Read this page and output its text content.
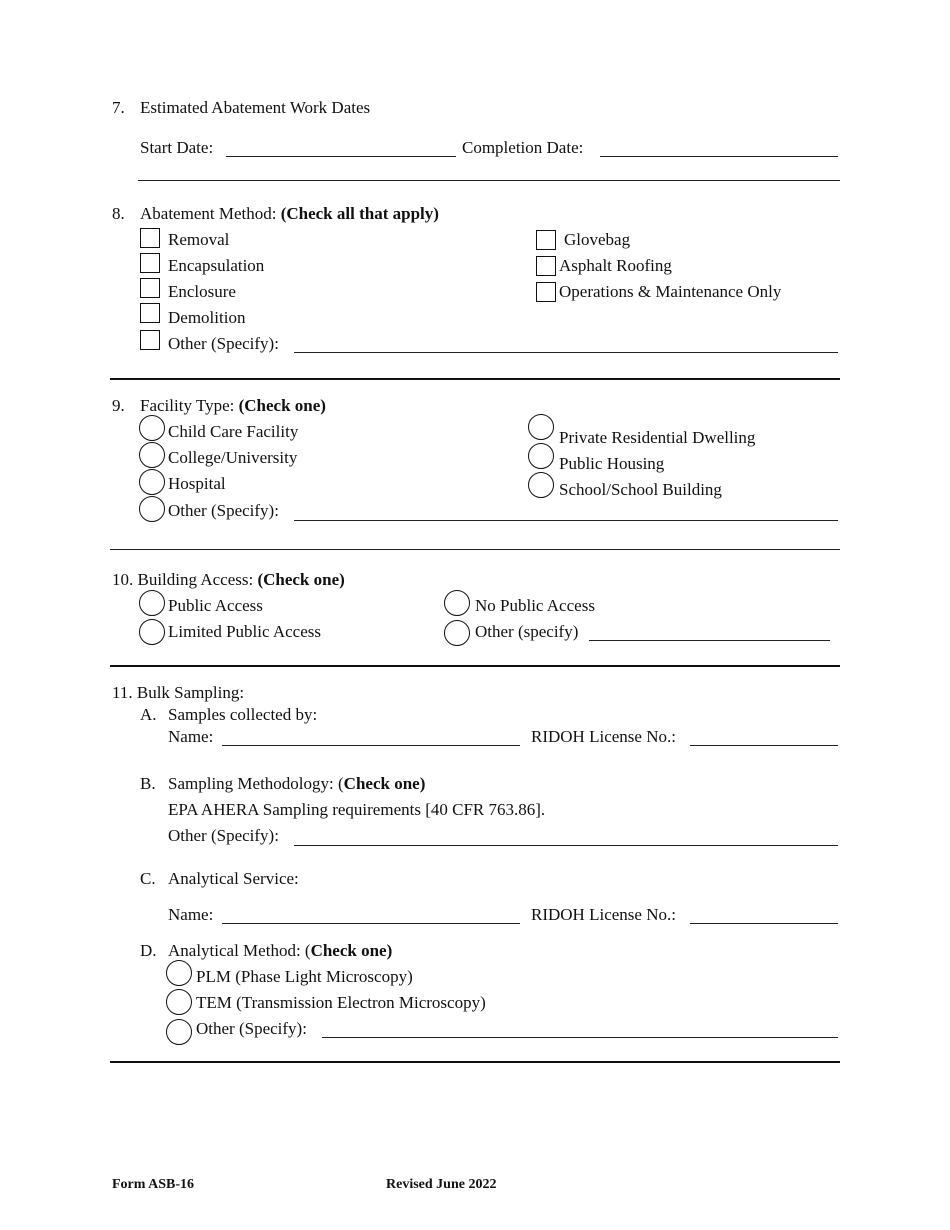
7. Estimated Abatement Work Dates
Start Date:	Completion Date:
8. Abatement Method: (Check all that apply)
Removal
Encapsulation
Enclosure
Demolition
Other (Specify):
Glovebag
Asphalt Roofing
Operations & Maintenance Only
9. Facility Type: (Check one)
Child Care Facility
College/University
Hospital
Other (Specify):
Private Residential Dwelling
Public Housing
School/School Building
10. Building Access: (Check one)
Public Access
Limited Public Access
No Public Access
Other (specify)
11. Bulk Sampling:
A. Samples collected by:
Name:	RIDOH License No.:
B. Sampling Methodology: (Check one)
EPA AHERA Sampling requirements [40 CFR 763.86].
Other (Specify):
C. Analytical Service:
Name:	RIDOH License No.:
D. Analytical Method: (Check one)
PLM (Phase Light Microscopy)
TEM (Transmission Electron Microscopy)
Other (Specify):
Form ASB-16	Revised June 2022
